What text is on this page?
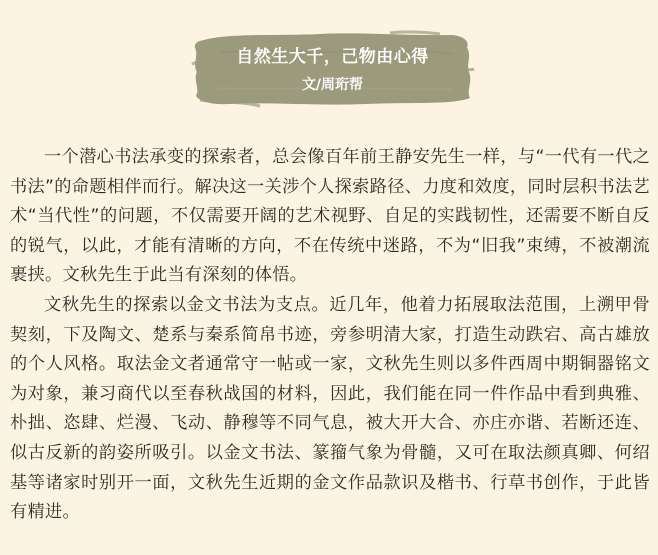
自然生大千，己物由心得
文/周珩帮

一个潜心书法承变的探索者，总会像百年前王静安先生一样，与“一代有一代之书法”的命题相伴而行。解决这一关涉个人探索路径、力度和效度，同时层积书法艺术“当代性”的问题，不仅需要开阔的艺术视野、自足的实践韧性，还需要不断自反的锐气，以此，才能有清晰的方向，不在传统中迷路，不为“旧我”束缚，不被潮流裹挟。文秋先生于此当有深刻的体悟。

文秋先生的探索以金文书法为支点。近几年，他着力拓展取法范围，上溯甲骨契刻，下及陶文、楚系与秦系简帛书迹，旁参明清大家，打造生动跌宕、高古雄放的个人风格。取法金文者通常守一帖或一家，文秋先生则以多件西周中期铜器铭文为对象，兼习商代以至春秋战国的材料，因此，我们能在同一件作品中看到典雅、朴拙、恣肆、烂漫、飞动、静穆等不同气息，被大开大合、亦庄亦谐、若断还连、似古反新的韵姿所吸引。以金文书法、篆籀气象为骨髓，又可在取法颜真卿、何绍基等诸家时别开一面，文秋先生近期的金文作品款识及楷书、行草书创作，于此皆有精进。
